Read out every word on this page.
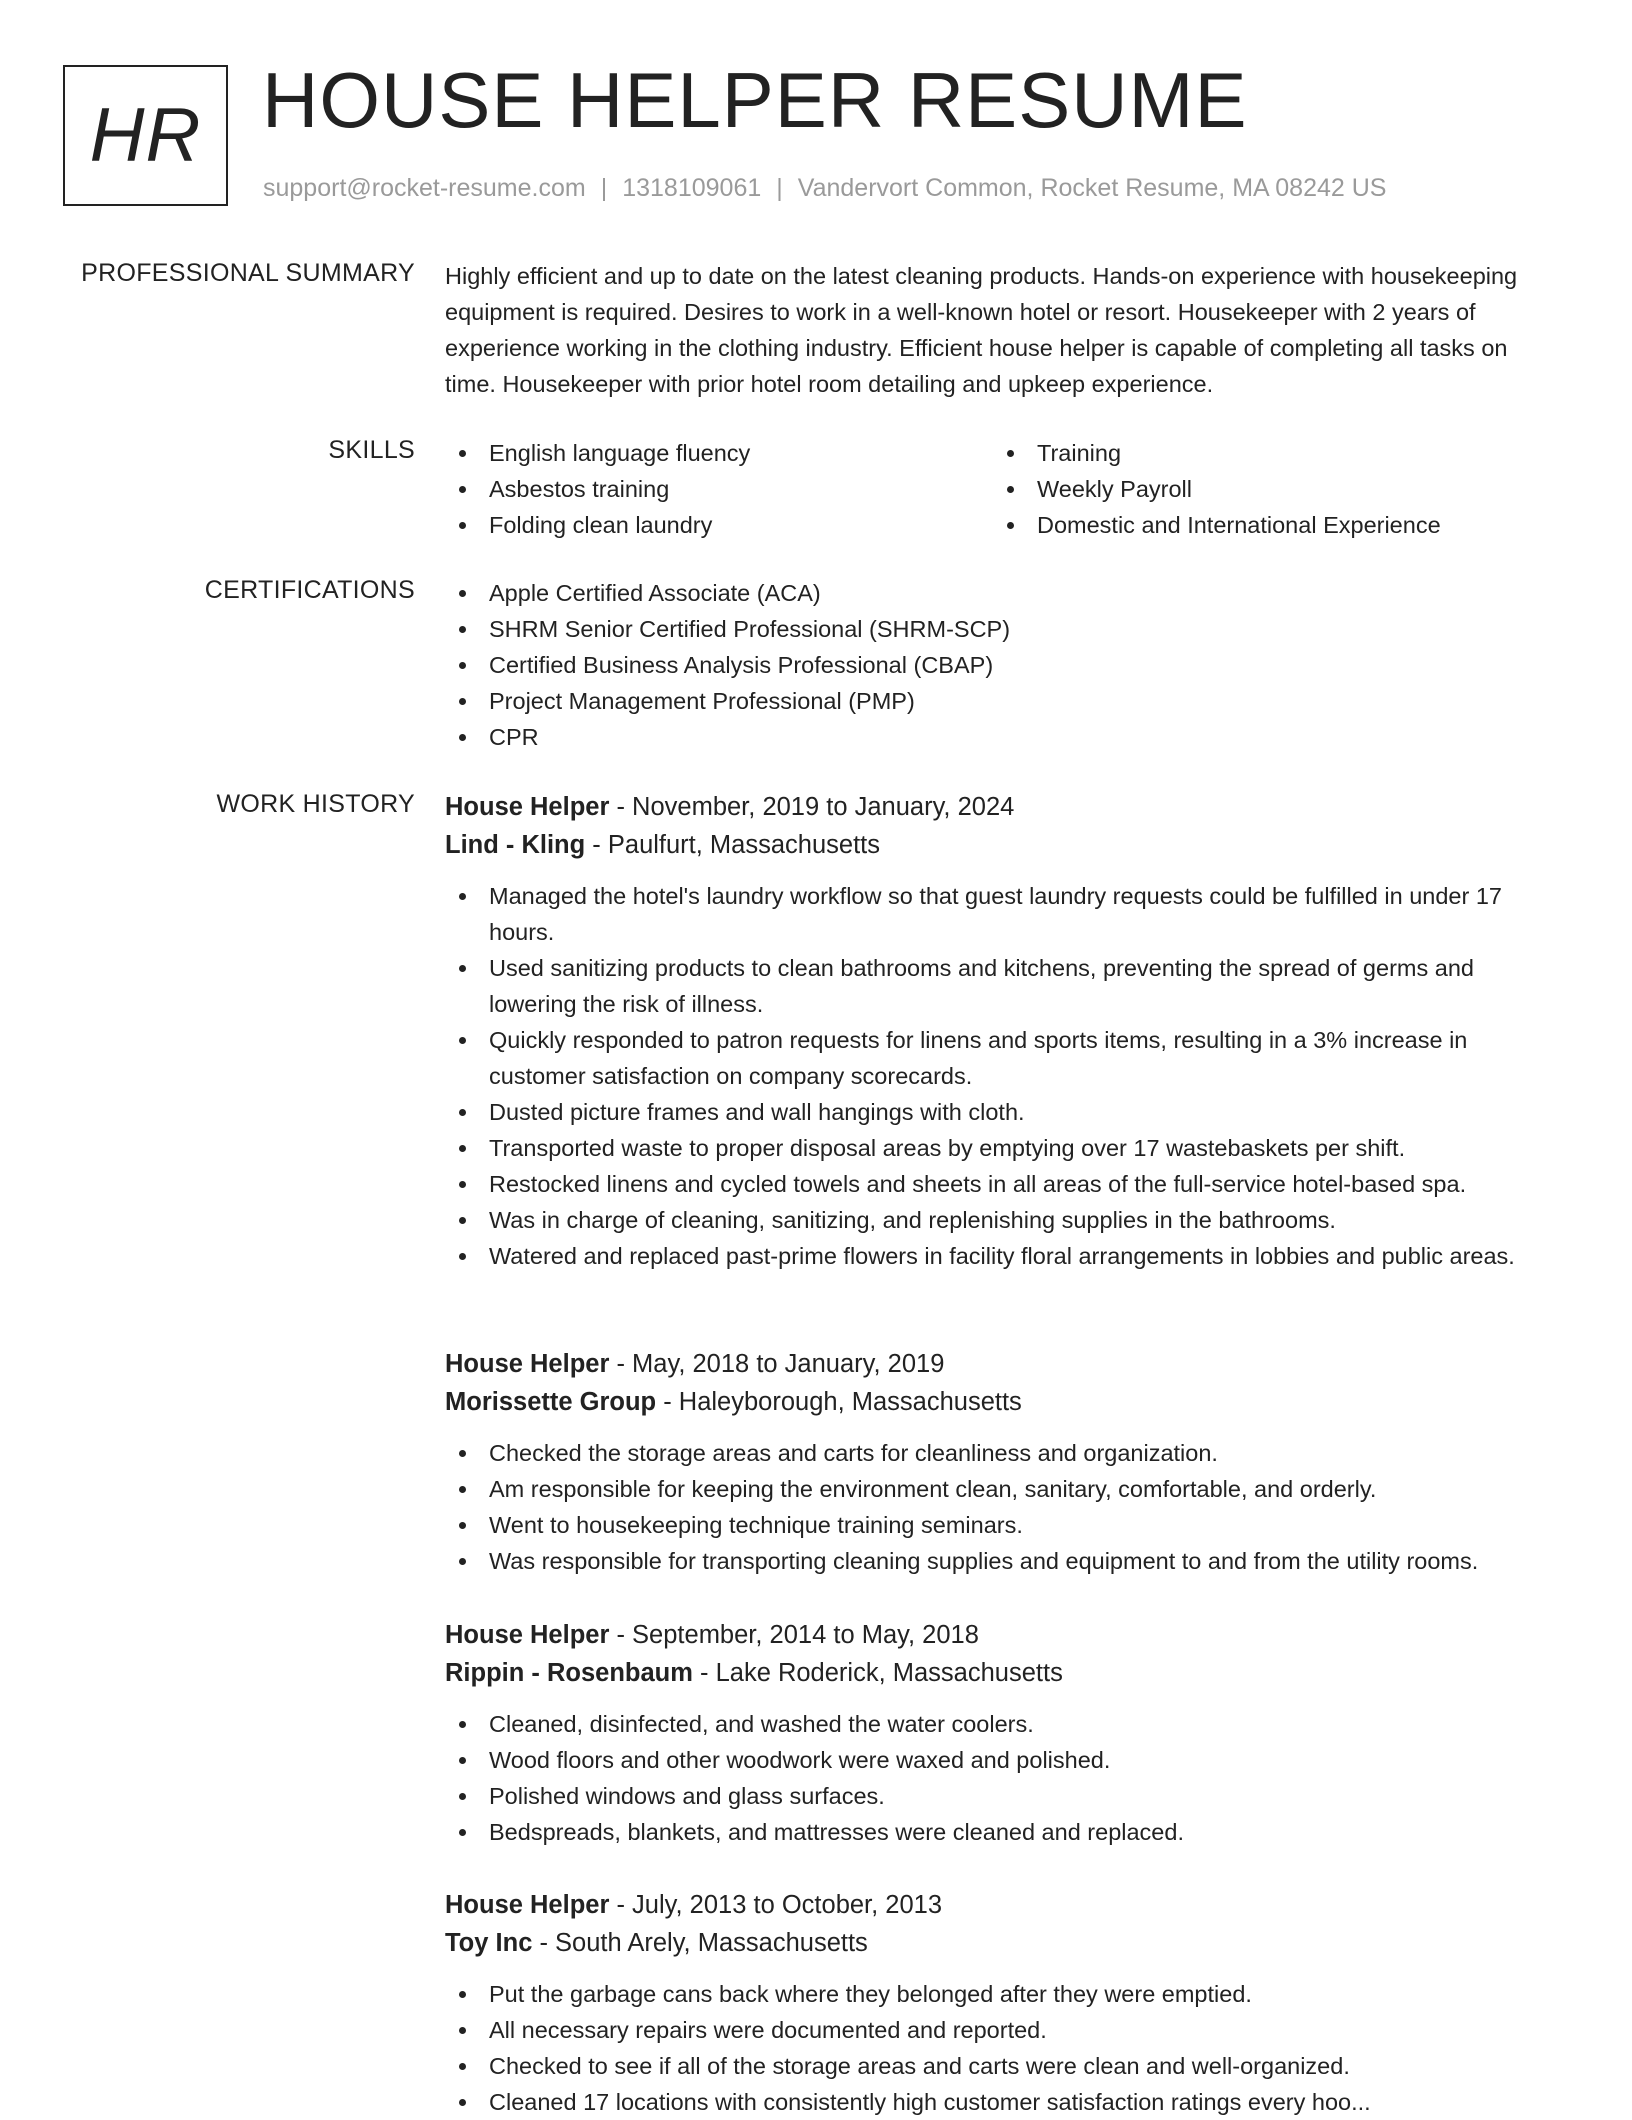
HR HOUSE HELPER RESUME
support@rocket-resume.com | 1318109061 | Vandervort Common, Rocket Resume, MA 08242 US
PROFESSIONAL SUMMARY Highly efficient and up to date on the latest cleaning products. Hands-on experience with housekeeping equipment is required. Desires to work in a well-known hotel or resort. Housekeeper with 2 years of experience working in the clothing industry. Efficient house helper is capable of completing all tasks on time. Housekeeper with prior hotel room detailing and upkeep experience.

SKILLS	English language fluency
Asbestos training
Folding clean laundry
Training
Weekly Payroll
Domestic and International Experience
CERTIFICATIONS	Apple Certified Associate (ACA)
SHRM Senior Certified Professional (SHRM-SCP)
Certified Business Analysis Professional (CBAP)
Project Management Professional (PMP)
CPR
WORK HISTORY House Helper - November, 2019 to January, 2024
Lind - Kling - Paulfurt, Massachusetts
Managed the hotel's laundry workflow so that guest laundry requests could be fulfilled in under 17 hours.
Used sanitizing products to clean bathrooms and kitchens, preventing the spread of germs and lowering the risk of illness.
Quickly responded to patron requests for linens and sports items, resulting in a 3% increase in customer satisfaction on company scorecards.
Dusted picture frames and wall hangings with cloth.
Transported waste to proper disposal areas by emptying over 17 wastebaskets per shift.
Restocked linens and cycled towels and sheets in all areas of the full-service hotel-based spa.
Was in charge of cleaning, sanitizing, and replenishing supplies in the bathrooms.
Watered and replaced past-prime flowers in facility floral arrangements in lobbies and public areas.
House Helper - May, 2018 to January, 2019
Morissette Group - Haleyborough, Massachusetts
Checked the storage areas and carts for cleanliness and organization.
Am responsible for keeping the environment clean, sanitary, comfortable, and orderly.
Went to housekeeping technique training seminars.
Was responsible for transporting cleaning supplies and equipment to and from the utility rooms.
House Helper - September, 2014 to May, 2018
Rippin - Rosenbaum - Lake Roderick, Massachusetts
Cleaned, disinfected, and washed the water coolers.
Wood floors and other woodwork were waxed and polished.
Polished windows and glass surfaces.
Bedspreads, blankets, and mattresses were cleaned and replaced.
House Helper - July, 2013 to October, 2013
Toy Inc - South Arely, Massachusetts
Put the garbage cans back where they belonged after they were emptied.
All necessary repairs were documented and reported.
Checked to see if all of the storage areas and carts were clean and well-organized.
Cleaned 17 locations with consistently high customer satisfaction ratings every hoo...
